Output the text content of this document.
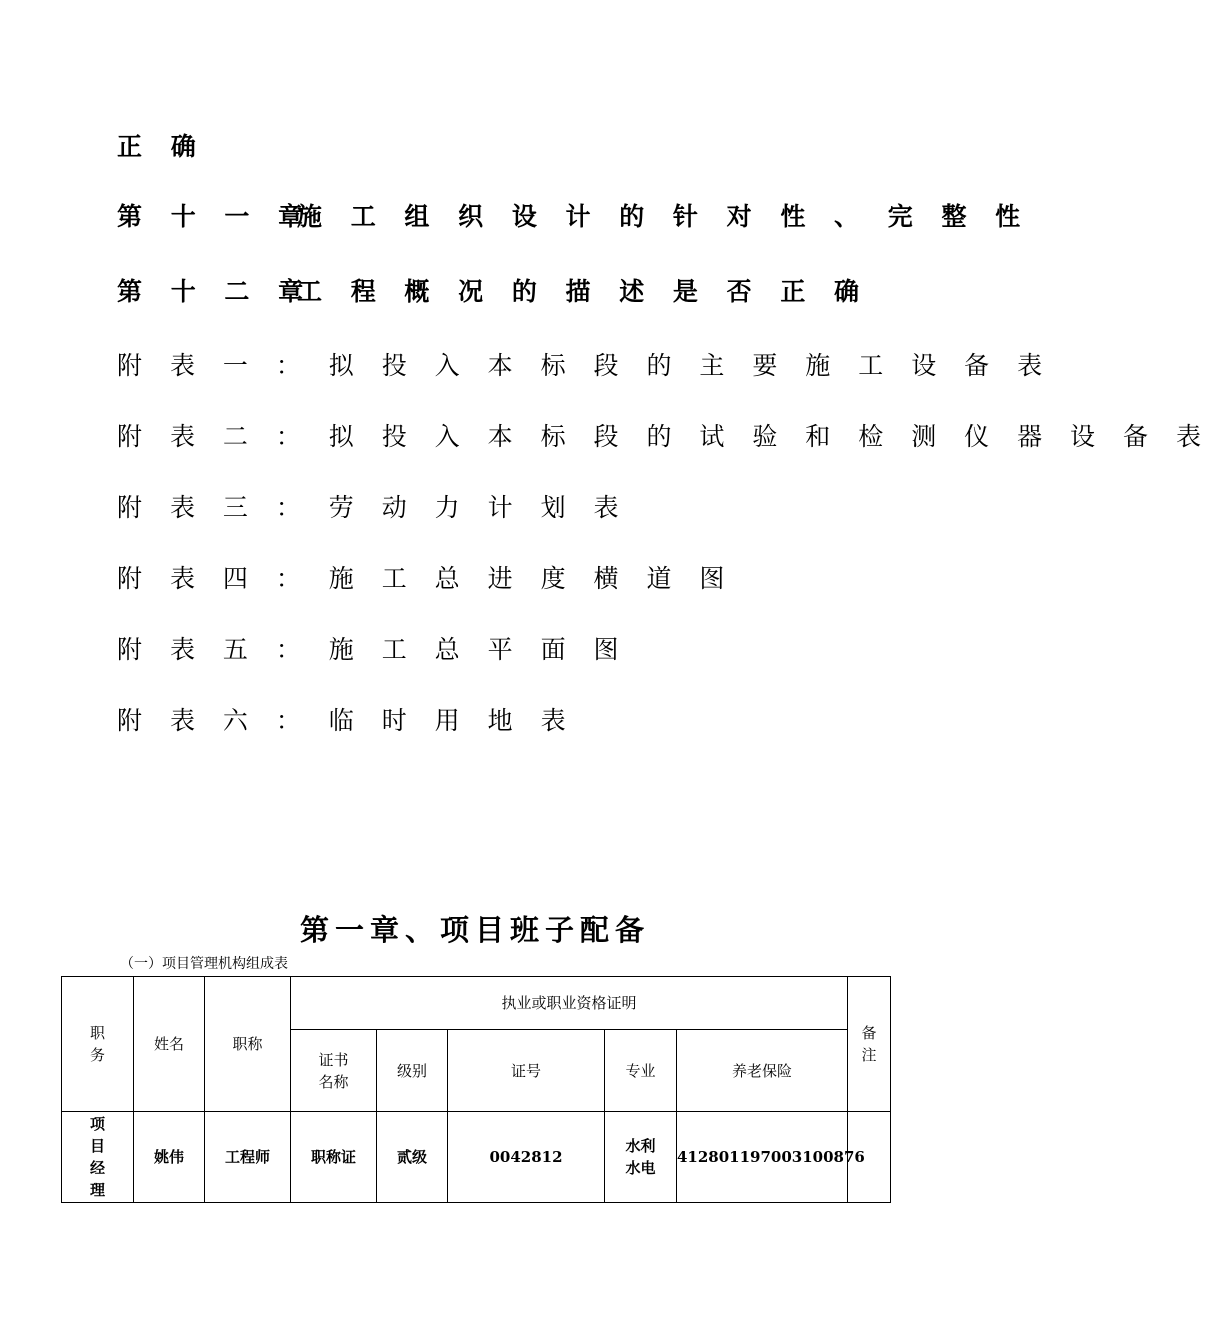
正 确
第 十 一 章施 工 组 织 设 计 的 针 对 性 、 完 整 性
第 十 二 章工 程 概 况 的 描 述 是 否 正 确
附 表 一 ： 拟 投 入 本 标 段 的 主 要 施 工 设 备 表
附 表 二 ： 拟 投 入 本 标 段 的 试 验 和 检 测 仪 器 设 备 表
附 表 三 ： 劳 动 力 计 划 表
附 表 四 ： 施 工 总 进 度 横 道 图
附 表 五 ： 施 工 总 平 面 图
附 表 六 ： 临 时 用 地 表
第一章、项目班子配备
（一）项目管理机构组成表
职务	姓名	职称	执业或职业资格证明					备注

			证书名称	级别	证号	专业	养老保险	

项目经理	姚伟	工程师	职称证	贰级	0042812	水利水电	412801197003100876	
